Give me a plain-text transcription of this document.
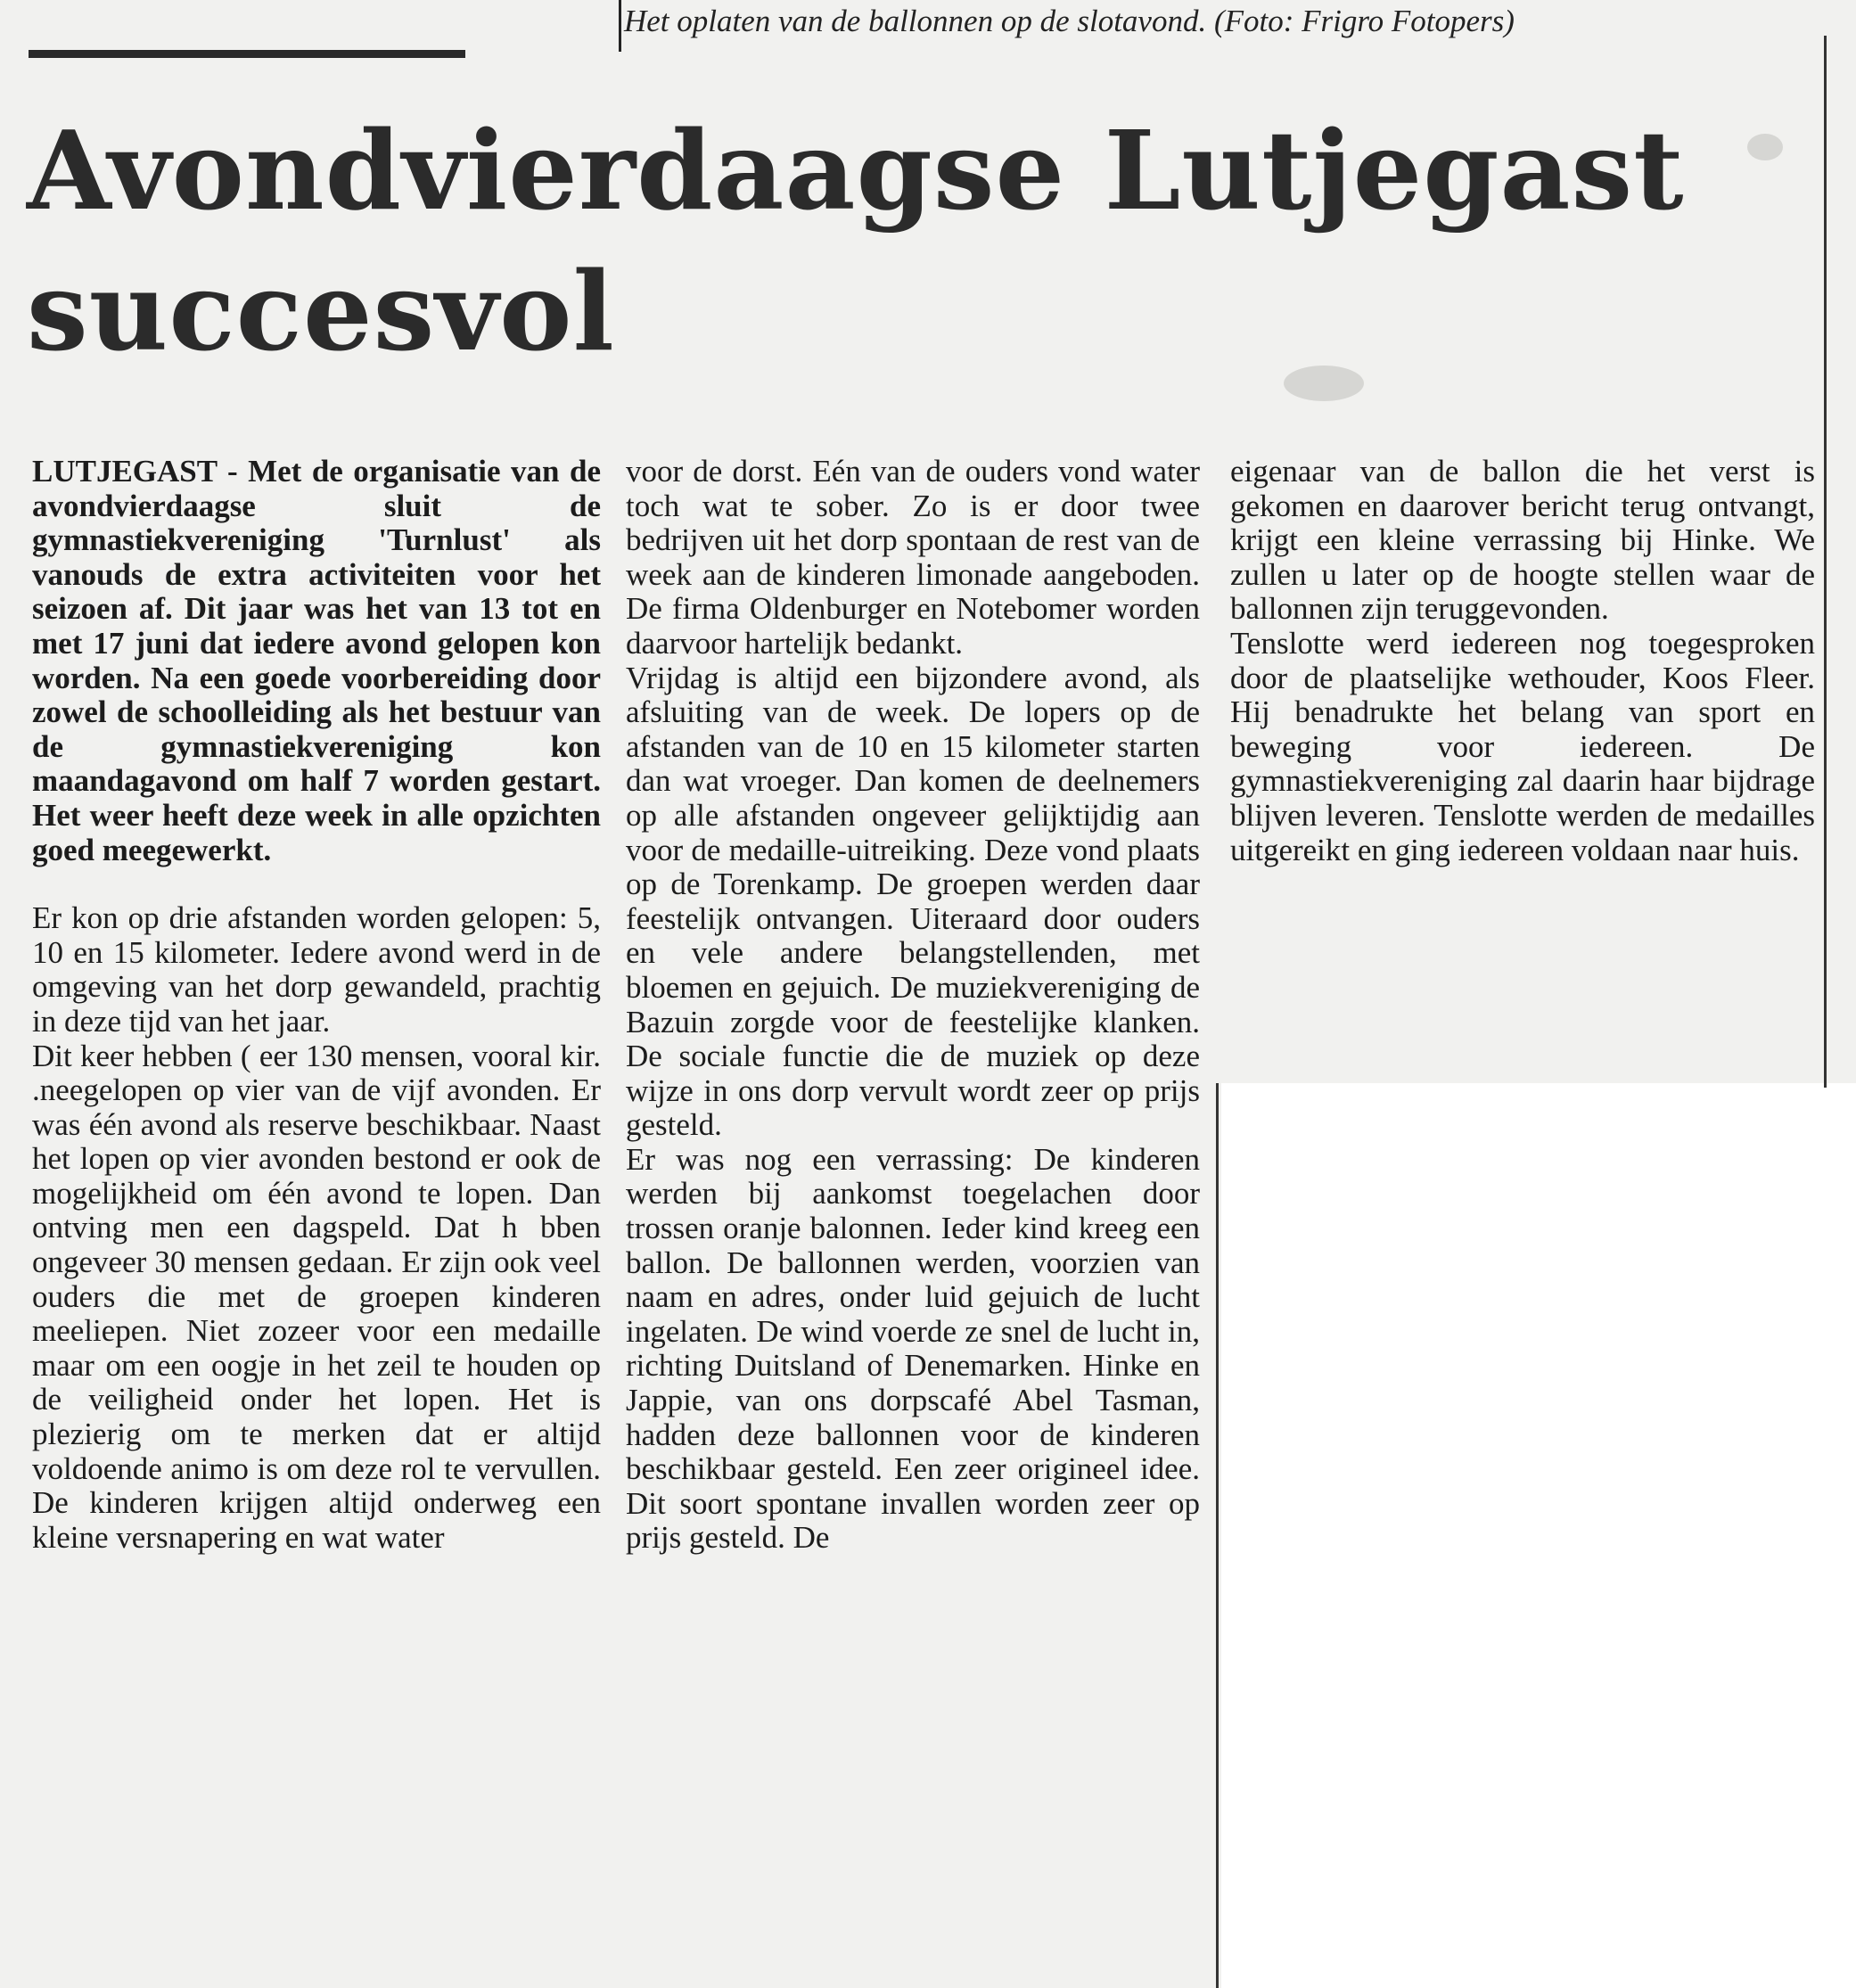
Het oplaten van de ballonnen op de slotavond. (Foto: Frigro Fotopers)
Avondvierdaagse Lutjegast
succesvol

LUTJEGAST - Met de organisatie van de avondvierdaagse sluit de gymnastiekvereniging 'Turnlust' als vanouds de extra activiteiten voor het seizoen af. Dit jaar was het van 13 tot en met 17 juni dat iedere avond gelopen kon worden. Na een goede voorbereiding door zowel de schoolleiding als het bestuur van de gymnastiekvereniging kon maandagavond om half 7 worden gestart. Het weer heeft deze week in alle opzichten goed meegewerkt.

Er kon op drie afstanden worden gelopen: 5, 10 en 15 kilometer. Iedere avond werd in de omgeving van het dorp gewandeld, prachtig in deze tijd van het jaar.

Dit keer hebben ( eer 130 mensen, vooral kir. .neegelopen op vier van de vijf avonden. Er was één avond als reserve beschikbaar. Naast het lopen op vier avonden bestond er ook de mogelijkheid om één avond te lopen. Dan ontving men een dagspeld. Dat h bben ongeveer 30 mensen gedaan. Er zijn ook veel ouders die met de groepen kinderen meeliepen. Niet zozeer voor een medaille maar om een oogje in het zeil te houden op de veiligheid onder het lopen. Het is plezierig om te merken dat er altijd voldoende animo is om deze rol te vervullen. De kinderen krijgen altijd onderweg een kleine versnapering en wat water

voor de dorst. Eén van de ouders vond water toch wat te sober. Zo is er door twee bedrijven uit het dorp spontaan de rest van de week aan de kinderen limonade aangeboden. De firma Oldenburger en Notebomer worden daarvoor hartelijk bedankt.

Vrijdag is altijd een bijzondere avond, als afsluiting van de week. De lopers op de afstanden van de 10 en 15 kilometer starten dan wat vroeger. Dan komen de deelnemers op alle afstanden ongeveer gelijktijdig aan voor de medaille-uitreiking. Deze vond plaats op de Torenkamp. De groepen werden daar feestelijk ontvangen. Uiteraard door ouders en vele andere belangstellenden, met bloemen en gejuich. De muziekvereniging de Bazuin zorgde voor de feestelijke klanken. De sociale functie die de muziek op deze wijze in ons dorp vervult wordt zeer op prijs gesteld.

Er was nog een verrassing: De kinderen werden bij aankomst toegelachen door trossen oranje balonnen. Ieder kind kreeg een ballon. De ballonnen werden, voorzien van naam en adres, onder luid gejuich de lucht ingelaten. De wind voerde ze snel de lucht in, richting Duitsland of Denemarken. Hinke en Jappie, van ons dorpscafé Abel Tasman, hadden deze ballonnen voor de kinderen beschikbaar gesteld. Een zeer origineel idee. Dit soort spontane invallen worden zeer op prijs gesteld. De

eigenaar van de ballon die het verst is gekomen en daarover bericht terug ontvangt, krijgt een kleine verrassing bij Hinke. We zullen u later op de hoogte stellen waar de ballonnen zijn teruggevonden.

Tenslotte werd iedereen nog toegesproken door de plaatselijke wethouder, Koos Fleer. Hij benadrukte het belang van sport en beweging voor iedereen. De gymnastiekvereniging zal daarin haar bijdrage blijven leveren. Tenslotte werden de medailles uitgereikt en ging iedereen voldaan naar huis.
